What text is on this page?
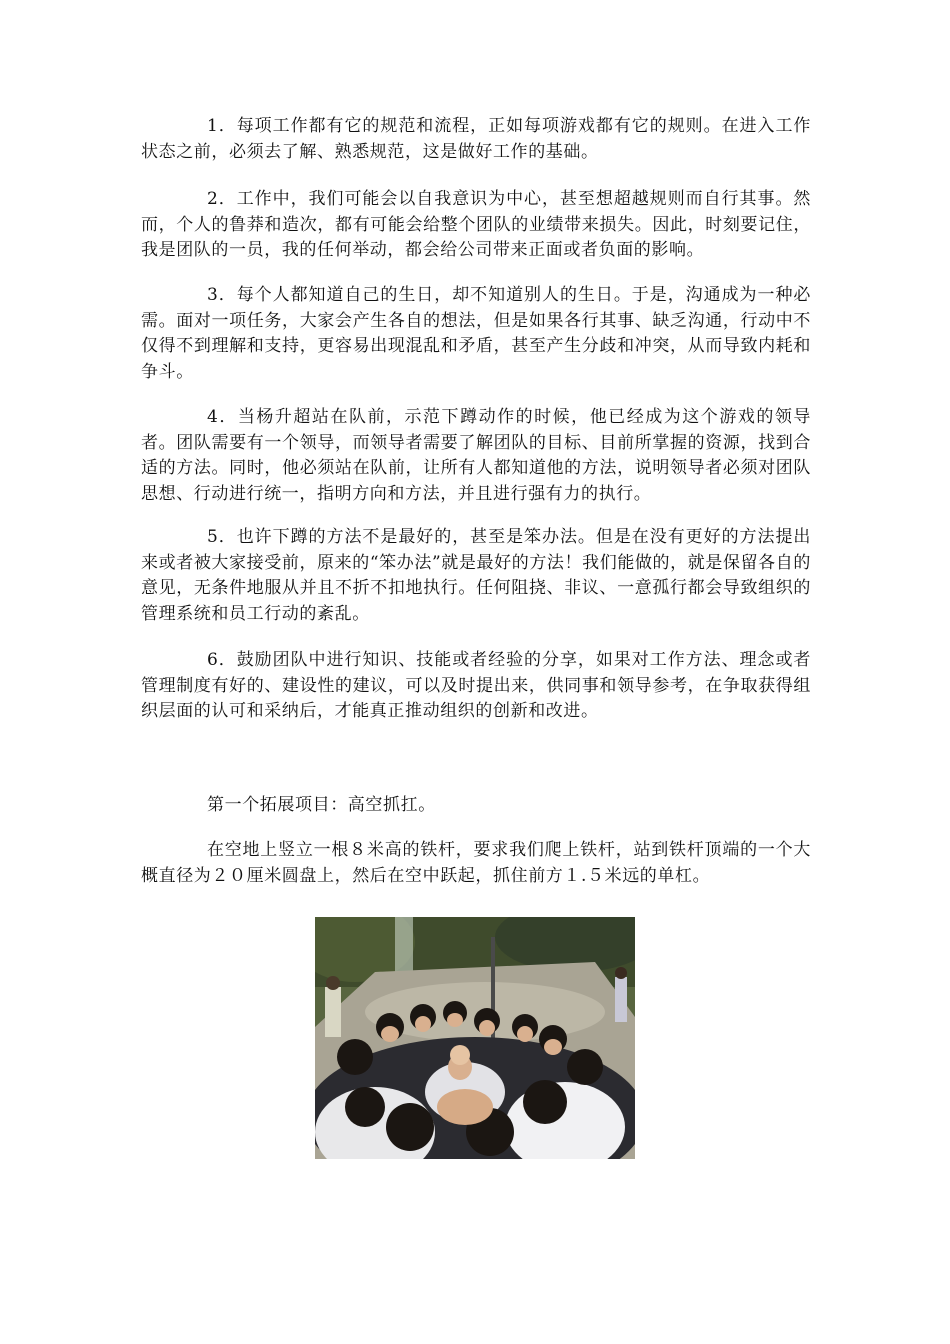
1．每项工作都有它的规范和流程，正如每项游戏都有它的规则。在进入工作状态之前，必须去了解、熟悉规范，这是做好工作的基础。

2．工作中，我们可能会以自我意识为中心，甚至想超越规则而自行其事。然而，个人的鲁莽和造次，都有可能会给整个团队的业绩带来损失。因此，时刻要记住，我是团队的一员，我的任何举动，都会给公司带来正面或者负面的影响。

3．每个人都知道自己的生日，却不知道别人的生日。于是，沟通成为一种必需。面对一项任务，大家会产生各自的想法，但是如果各行其事、缺乏沟通，行动中不仅得不到理解和支持，更容易出现混乱和矛盾，甚至产生分歧和冲突，从而导致内耗和争斗。

4．当杨升超站在队前，示范下蹲动作的时候，他已经成为这个游戏的领导者。团队需要有一个领导，而领导者需要了解团队的目标、目前所掌握的资源，找到合适的方法。同时，他必须站在队前，让所有人都知道他的方法，说明领导者必须对团队思想、行动进行统一，指明方向和方法，并且进行强有力的执行。

5．也许下蹲的方法不是最好的，甚至是笨办法。但是在没有更好的方法提出来或者被大家接受前，原来的“笨办法”就是最好的方法！我们能做的，就是保留各自的意见，无条件地服从并且不折不扣地执行。任何阻挠、非议、一意孤行都会导致组织的管理系统和员工行动的紊乱。

6．鼓励团队中进行知识、技能或者经验的分享，如果对工作方法、理念或者管理制度有好的、建设性的建议，可以及时提出来，供同事和领导参考，在争取获得组织层面的认可和采纳后，才能真正推动组织的创新和改进。

第一个拓展项目：高空抓扛。

在空地上竖立一根８米高的铁杆，要求我们爬上铁杆，站到铁杆顶端的一个大概直径为２０厘米圆盘上，然后在空中跃起，抓住前方１.５米远的单杠。
